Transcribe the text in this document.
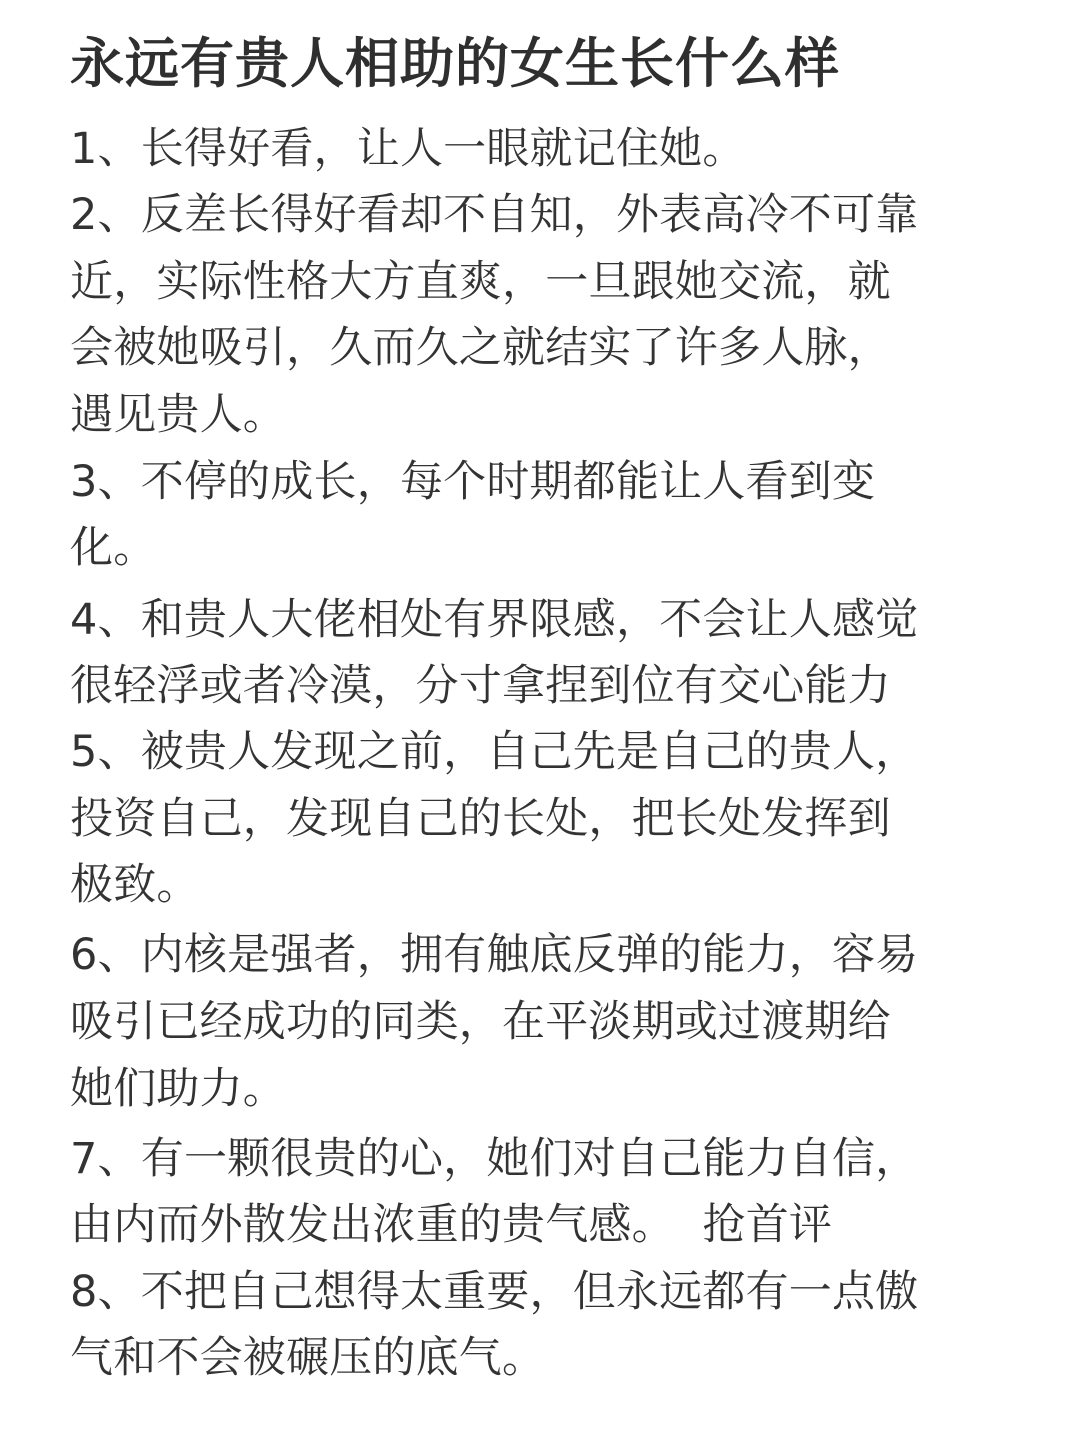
永远有贵人相助的女生长什么样

1、长得好看，让人一眼就记住她。

2、反差长得好看却不自知，外表高冷不可靠

近，实际性格大方直爽，一旦跟她交流，就

会被她吸引，久而久之就结实了许多人脉，

遇见贵人。

3、不停的成长，每个时期都能让人看到变

化。

4、和贵人大佬相处有界限感，不会让人感觉

很轻浮或者冷漠，分寸拿捏到位有交心能力

5、被贵人发现之前，自己先是自己的贵人，

投资自己，发现自己的长处，把长处发挥到

极致。

6、内核是强者，拥有触底反弹的能力，容易

吸引已经成功的同类，在平淡期或过渡期给

她们助力。

7、有一颗很贵的心，她们对自己能力自信，

由内而外散发出浓重的贵气感。  抢首评

8、不把自己想得太重要，但永远都有一点傲

气和不会被碾压的底气。
